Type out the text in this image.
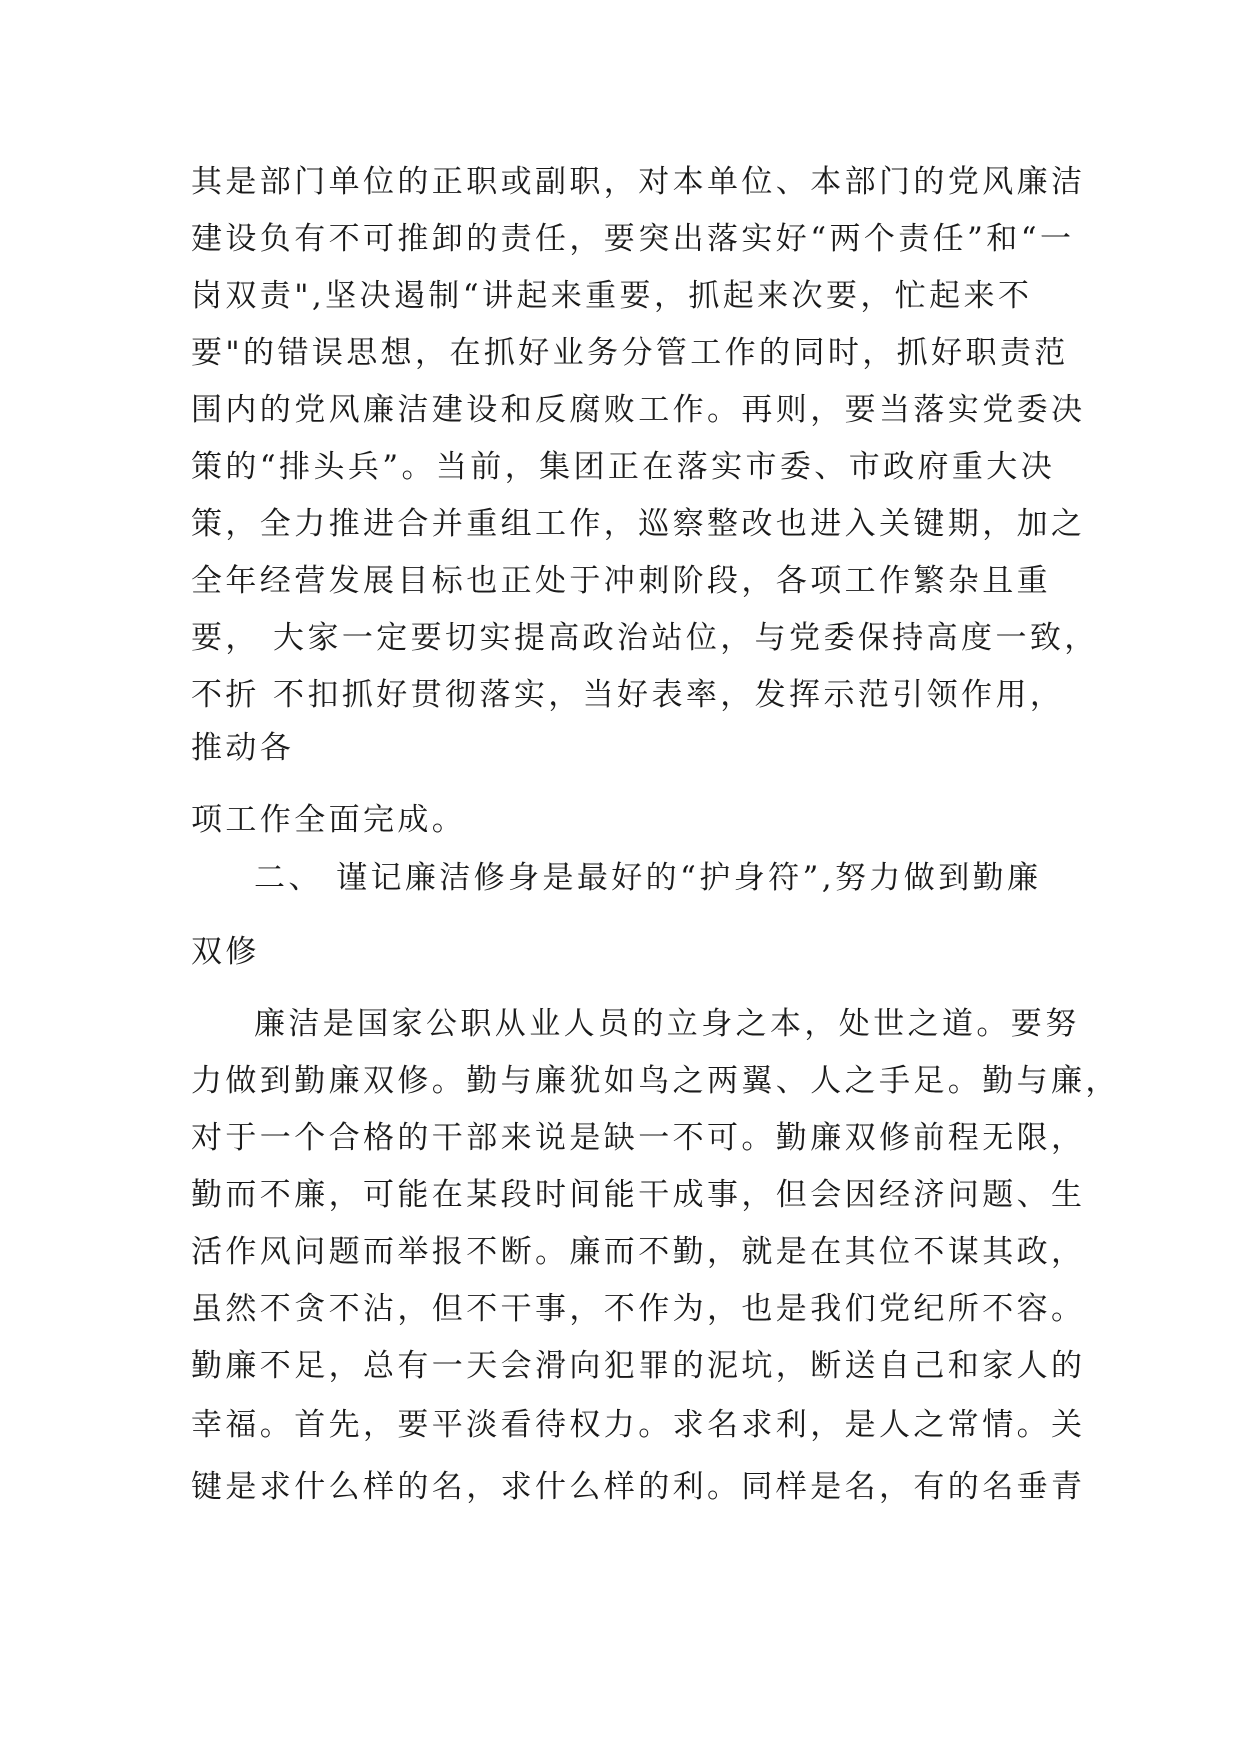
其是部门单位的正职或副职，对本单位、本部门的党风廉洁
建设负有不可推卸的责任，要突出落实好“两个责任”和“一
岗双责",坚决遏制“讲起来重要，抓起来次要，忙起来不
要"的错误思想，在抓好业务分管工作的同时，抓好职责范
围内的党风廉洁建设和反腐败工作。再则，要当落实党委决
策的“排头兵”。当前，集团正在落实市委、市政府重大决
策，全力推进合并重组工作，巡察整改也进入关键期，加之
全年经营发展目标也正处于冲刺阶段，各项工作繁杂且重
要， 大家一定要切实提高政治站位，与党委保持高度一致，
不折 不扣抓好贯彻落实，当好表率，发挥示范引领作用，
推动各
项工作全面完成。
二、 谨记廉洁修身是最好的“护身符”,努力做到勤廉
双修
廉洁是国家公职从业人员的立身之本，处世之道。要努
力做到勤廉双修。勤与廉犹如鸟之两翼、人之手足。勤与廉，
对于一个合格的干部来说是缺一不可。勤廉双修前程无限，
勤而不廉，可能在某段时间能干成事，但会因经济问题、生
活作风问题而举报不断。廉而不勤，就是在其位不谋其政，
虽然不贪不沾，但不干事，不作为，也是我们党纪所不容。
勤廉不足，总有一天会滑向犯罪的泥坑，断送自己和家人的
幸福。首先，要平淡看待权力。求名求利，是人之常情。关
键是求什么样的名，求什么样的利。同样是名，有的名垂青
